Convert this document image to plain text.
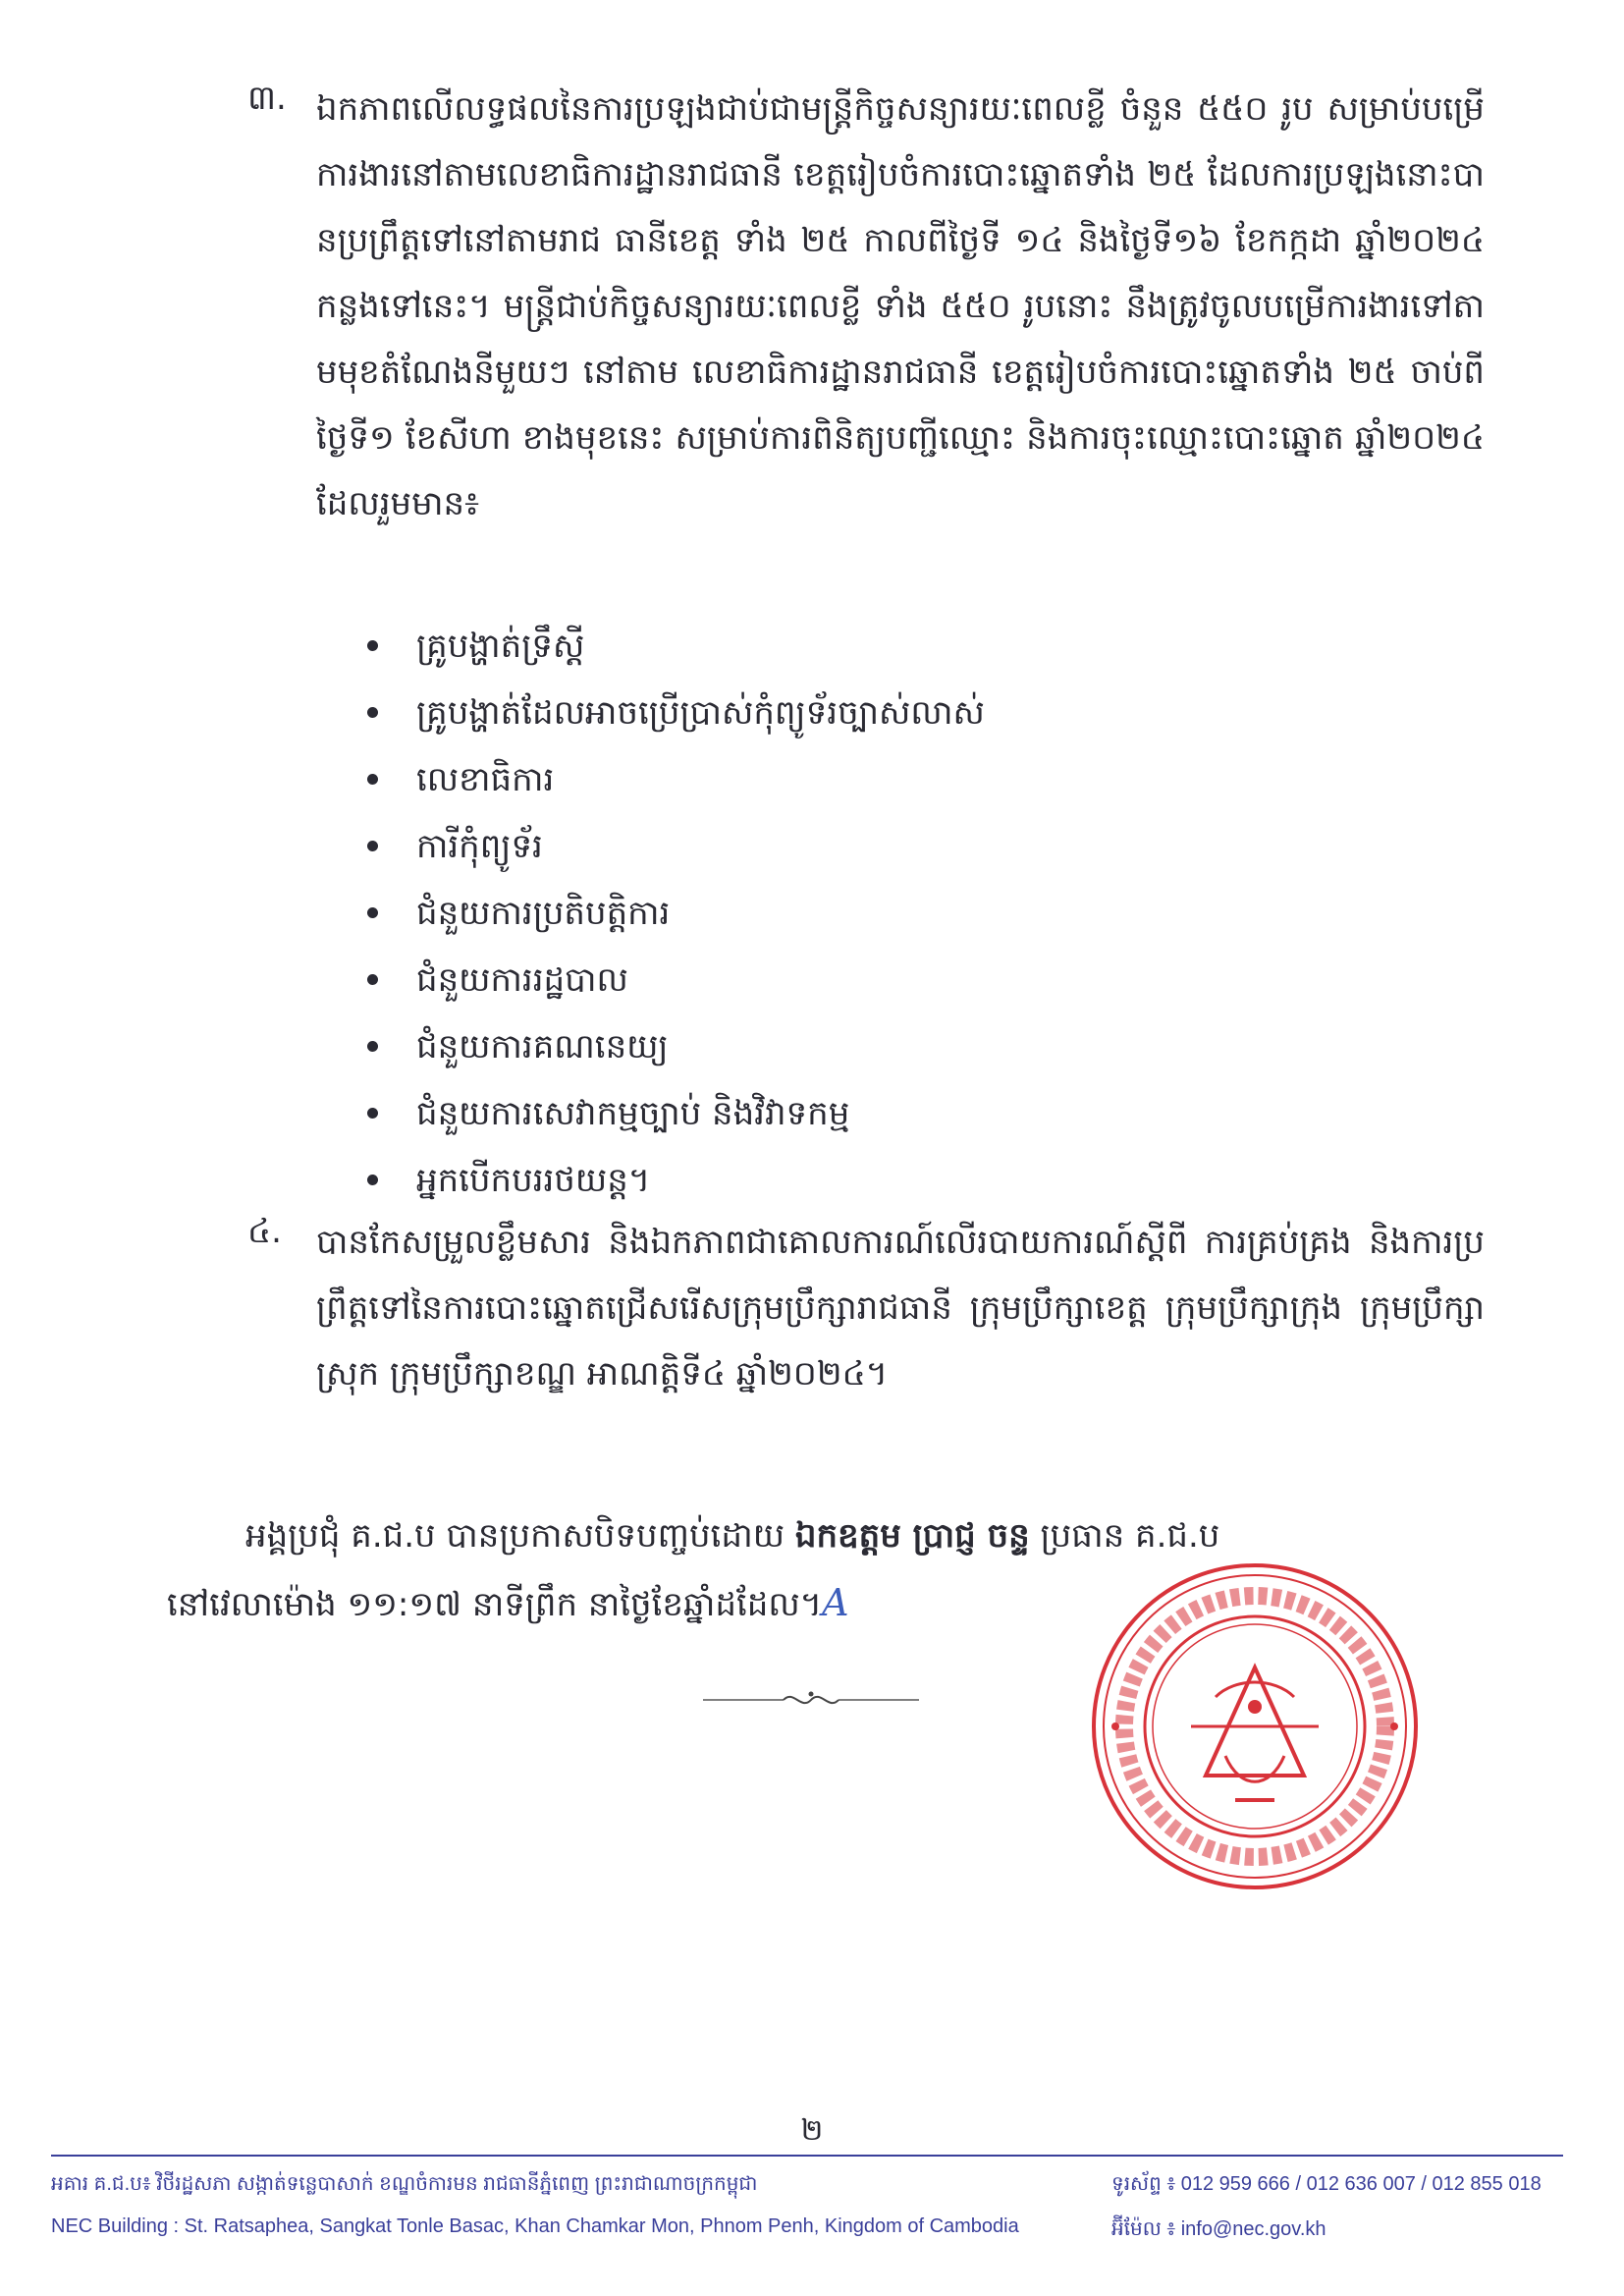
៣. ឯកភាពលើលទ្ធផលនៃការប្រឡងជាប់ជាមន្ត្រីកិច្ចសន្យារយៈពេលខ្លី ចំនួន ៥៥០ រូប សម្រាប់បម្រើការងារនៅតាមលេខាធិការដ្ឋានរាជធានី ខេត្តរៀបចំការបោះឆ្នោតទាំង ២៥ ដែលការប្រឡងនោះបានប្រព្រឹត្តទៅនៅតាមរាជ ធានីខេត្ត ទាំង ២៥ កាលពីថ្ងៃទី ១៤ និងថ្ងៃទី១៦ ខែកក្កដា ឆ្នាំ២០២៤ កន្លងទៅនេះ។ មន្ត្រីជាប់កិច្ចសន្យារយៈពេលខ្លី ទាំង ៥៥០ រូបនោះ នឹងត្រូវចូលបម្រើការងារទៅតាមមុខតំណែងនីមួយៗ នៅតាម លេខាធិការដ្ឋានរាជធានី ខេត្តរៀបចំការបោះឆ្នោតទាំង ២៥ ចាប់ពីថ្ងៃទី១ ខែសីហា ខាងមុខនេះ សម្រាប់ការពិនិត្យបញ្ជីឈ្មោះ និងការចុះឈ្មោះបោះឆ្នោត ឆ្នាំ២០២៤ ដែលរួមមាន៖
គ្រូបង្ហាត់ទ្រឹស្តី
គ្រូបង្ហាត់ដែលអាចប្រើប្រាស់កុំព្យូទ័រច្បាស់លាស់
លេខាធិការ
ការីកុំព្យូទ័រ
ជំនួយការប្រតិបត្តិការ
ជំនួយការរដ្ឋបាល
ជំនួយការគណនេយ្យ
ជំនួយការសេវាកម្មច្បាប់ និងវិវាទកម្ម
អ្នកបើកបររថយន្ត។
៤. បានកែសម្រួលខ្លឹមសារ និងឯកភាពជាគោលការណ៍លើរបាយការណ៍ស្តីពី ការគ្រប់គ្រង និងការប្រព្រឹត្តទៅនៃការបោះឆ្នោតជ្រើសរើសក្រុមប្រឹក្សារាជធានី ក្រុមប្រឹក្សាខេត្ត ក្រុមប្រឹក្សាក្រុង ក្រុមប្រឹក្សាស្រុក ក្រុមប្រឹក្សាខណ្ឌ អាណត្តិទី៤ ឆ្នាំ២០២៤។
អង្គប្រជុំ គ.ជ.ប បានប្រកាសបិទបញ្ចប់ដោយ ឯកឧត្តម ប្រាជ្ញ ចន្ទ ប្រធាន គ.ជ.ប
នៅវេលាម៉ោង ១១:១៧ នាទីព្រឹក នាថ្ងៃខែឆ្នាំដដែល។A
២
អគារ គ.ជ.ប៖ វិថីរដ្ឋសភា សង្កាត់ទន្លេបាសាក់ ខណ្ឌចំការមន រាជធានីភ្នំពេញ ព្រះរាជាណាចក្រកម្ពុជា
NEC Building : St. Ratsaphea, Sangkat Tonle Basac, Khan Chamkar Mon, Phnom Penh, Kingdom of Cambodia
ទូរស័ព្ទ ៖ 012 959 666 / 012 636 007 / 012 855 018
អ៊ីម៉ែល ៖ info@nec.gov.kh
